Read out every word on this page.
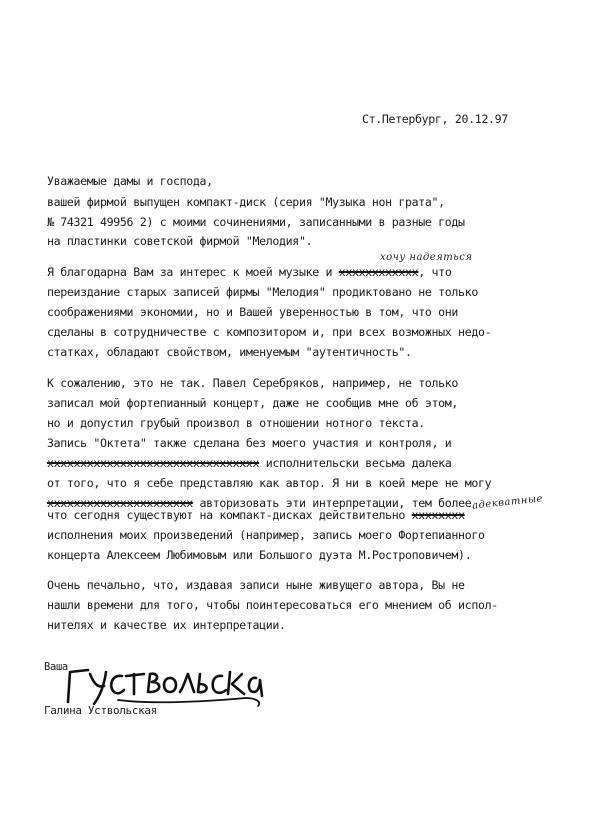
Ст.Петербург, 20.12.97
Уважаемые дамы и господа,
вашей фирмой выпущен компакт-диск (серия "Музыка нон грата",
№ 74321 49956 2) с моими сочинениями, записанными в разные годы
на пластинки советской фирмой "Мелодия".
хочу надеяться
Я благодарна Вам за интерес к моей музыке и хххххххххххх, что
переиздание старых записей фирмы "Мелодия" продиктовано не только
соображениями экономии, но и Вашей уверенностью в том, что они
сделаны в сотрудничестве с композитором и, при всех возможных недо-
статках, обладают свойством, именуемым "аутентичность".
К сожалению, это не так. Павел Серебряков, например, не только
записал мой фортепианный концерт, даже не сообщив мне об этом,
но и допустил грубый произвол в отношении нотного текста.
Запись "Октета" также сделана без моего участия и контроля, и
хххххххххххххххххххххххххххххххх исполнительски весьма далека
от того, что я себе представляю как автор. Я ни в коей мере не могу
хххххххххххххххххххххх авторизовать эти интерпретации, тем более адекватные
что сегодня существуют на компакт-дисках действительно хххххххх
исполнения моих произведений (например, запись моего Фортепианного
концерта Алексеем Любимовым или Большого дуэта М.Ростроповичем).
Очень печально, что, издавая записи ныне живущего автора, Вы не
нашли времени для того, чтобы поинтересоваться его мнением об испол-
нителях и качестве их интерпретации.
Ваша
Галина Уствольская
